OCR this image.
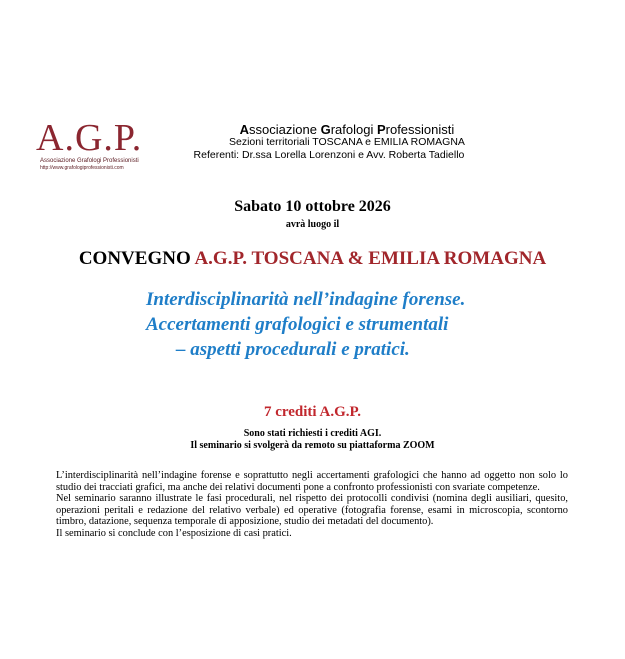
A.G.P.
Associazione Grafologi Professionisti
http://www.grafologiprofessionisti.com
Associazione Grafologi Professionisti
Sezioni territoriali TOSCANA e EMILIA ROMAGNA
Referenti: Dr.ssa Lorella Lorenzoni e Avv. Roberta Tadiello
Sabato 10 ottobre 2026
avrà luogo il
CONVEGNO A.G.P. TOSCANA & EMILIA ROMAGNA
Interdisciplinarità nell’indagine forense.
Accertamenti grafologici e strumentali
– aspetti procedurali e pratici.
7 crediti A.G.P.
Sono stati richiesti i crediti AGI.
Il seminario si svolgerà da remoto su piattaforma ZOOM

L’interdisciplinarità nell’indagine forense e soprattutto negli accertamenti grafologici che hanno ad oggetto non solo lo studio dei tracciati grafici, ma anche dei relativi documenti pone a confronto professionisti con svariate competenze.

Nel seminario saranno illustrate le fasi procedurali, nel rispetto dei protocolli condivisi (nomina degli ausiliari, quesito, operazioni peritali e redazione del relativo verbale) ed operative (fotografia forense, esami in microscopia, scontorno timbro, datazione, sequenza temporale di apposizione, studio dei metadati del documento).

Il seminario si conclude con l’esposizione di casi pratici.
